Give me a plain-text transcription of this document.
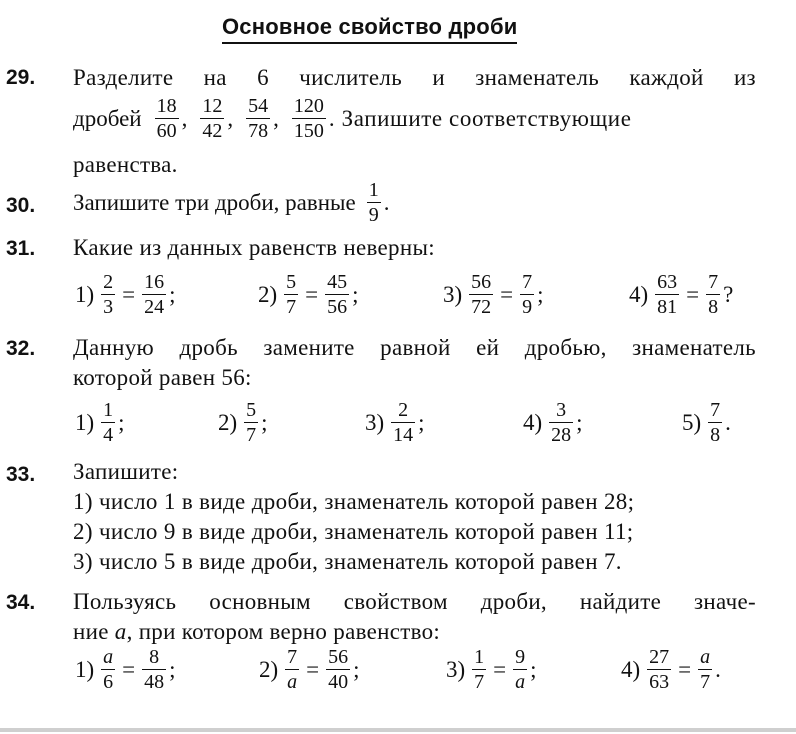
Основное свойство дроби
29. Разделите на 6 числитель и знаменатель каждой из
дробей $\frac{18}{60}$ , $\frac{12}{42}$ , $\frac{54}{78}$ , $\frac{120}{150}$ . Запишите соответствующие
равенства.
30. Запишите три дроби, равные $\frac{1}{9}$ .
31. Какие из данных равенств неверны:
$1) \frac{2}{3} = \frac{16}{24}$ ;	$2) \frac{5}{7} = \frac{45}{56}$ ;	$3) \frac{56}{72} = \frac{7}{9}$ ;	$4) \frac{63}{81} = \frac{7}{8}$ ?
32. Данную дробь замените равной ей дробью, знаменатель
которой равен 56:
$1) \frac{1}{4}$ ;	$2) \frac{5}{7}$ ;	$3) \frac{2}{14}$ ;	$4) \frac{3}{28}$ ;	$5) \frac{7}{8}$ .
33. Запишите:
1) число 1 в виде дроби, знаменатель которой равен 28;
2) число 9 в виде дроби, знаменатель которой равен 11;
3) число 5 в виде дроби, знаменатель которой равен 7.
34. Пользуясь основным свойством дроби, найдите значе-
ние a, при котором верно равенство:
$1) \frac{a}{6} = \frac{8}{48}$ ;	$2) \frac{7}{a} = \frac{56}{40}$ ;	$3) \frac{1}{7} = \frac{9}{a}$ ;	$4) \frac{27}{63} = \frac{a}{7}$ .
